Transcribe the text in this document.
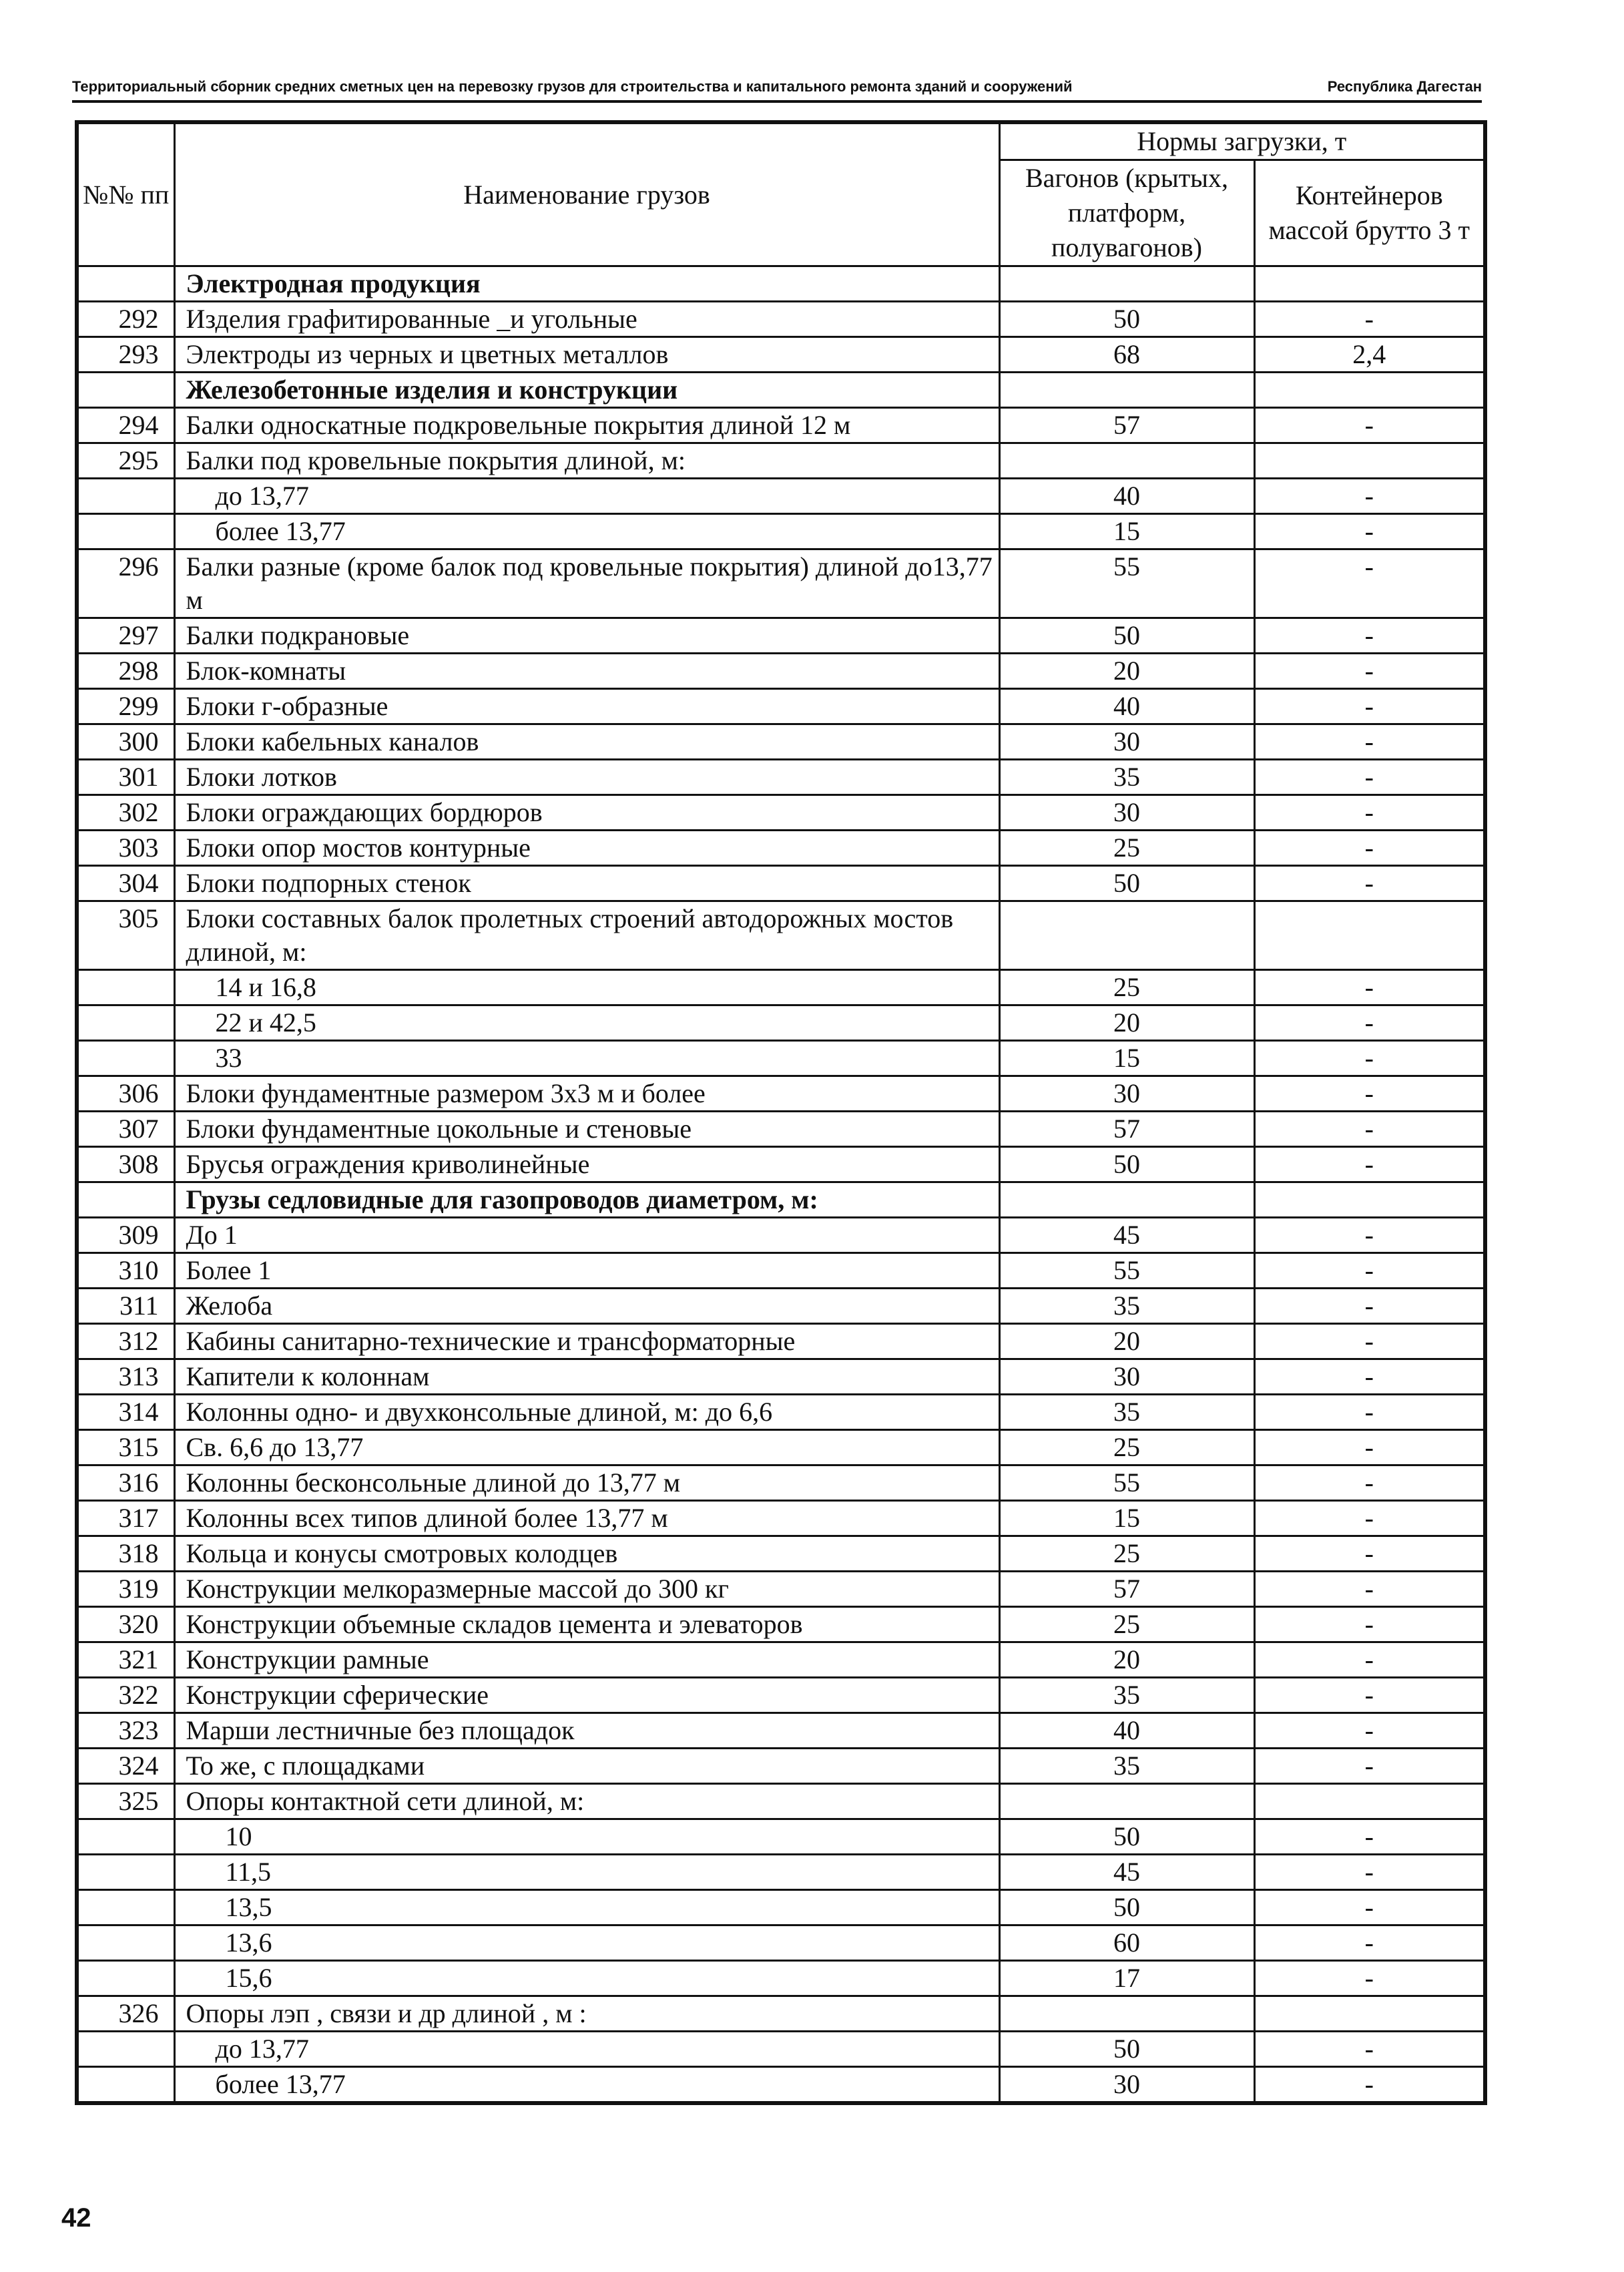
Территориальный сборник средних сметных цен на перевозку грузов для строительства и капитального ремонта зданий и сооружений	Республика Дагестан
№№ пп	Наименование грузов	Нормы загрузки, т	
		Вагонов (крытых, платформ, полувагонов)	Контейнеров массой брутто 3 т
	Электродная продукция		
292	Изделия графитированные _и угольные	50	-
293	Электроды из черных и цветных металлов	68	2,4
	Железобетонные изделия и конструкции		
294	Балки односкатные подкровельные покрытия длиной 12 м	57	-
295	Балки под кровельные покрытия длиной, м:		
	до 13,77	40	-
	более 13,77	15	-
296	Балки разные (кроме балок под кровельные покрытия) длиной до13,77 м	55	-
297	Балки подкрановые	50	-
298	Блок-комнаты	20	-
299	Блоки г-образные	40	-
300	Блоки кабельных каналов	30	-
301	Блоки лотков	35	-
302	Блоки ограждающих бордюров	30	-
303	Блоки опор мостов контурные	25	-
304	Блоки подпорных стенок	50	-
305	Блоки составных балок пролетных строений автодорожных мостов длиной, м:		
	14 и 16,8	25	-
	22 и 42,5	20	-
	33	15	-
306	Блоки фундаментные размером 3х3 м и более	30	-
307	Блоки фундаментные цокольные и стеновые	57	-
308	Брусья ограждения криволинейные	50	-
	Грузы седловидные для газопроводов диаметром, м:		
309	До 1	45	-
310	Более 1	55	-
311	Желоба	35	-
312	Кабины санитарно-технические и трансформаторные	20	-
313	Капители к колоннам	30	-
314	Колонны одно- и двухконсольные длиной, м: до 6,6	35	-
315	Св. 6,6 до 13,77	25	-
316	Колонны бесконсольные длиной до 13,77 м	55	-
317	Колонны всех типов длиной более 13,77 м	15	-
318	Кольца и конусы смотровых колодцев	25	-
319	Конструкции мелкоразмерные массой до 300 кг	57	-
320	Конструкции объемные складов цемента и элеваторов	25	-
321	Конструкции рамные	20	-
322	Конструкции сферические	35	-
323	Марши лестничные без площадок	40	-
324	То же, с площадками	35	-
325	Опоры контактной сети длиной, м:		
	10	50	-
	11,5	45	-
	13,5	50	-
	13,6	60	-
	15,6	17	-
326	Опоры лэп , связи и др длиной , м :		
	до 13,77	50	-
	более 13,77	30	-
42
